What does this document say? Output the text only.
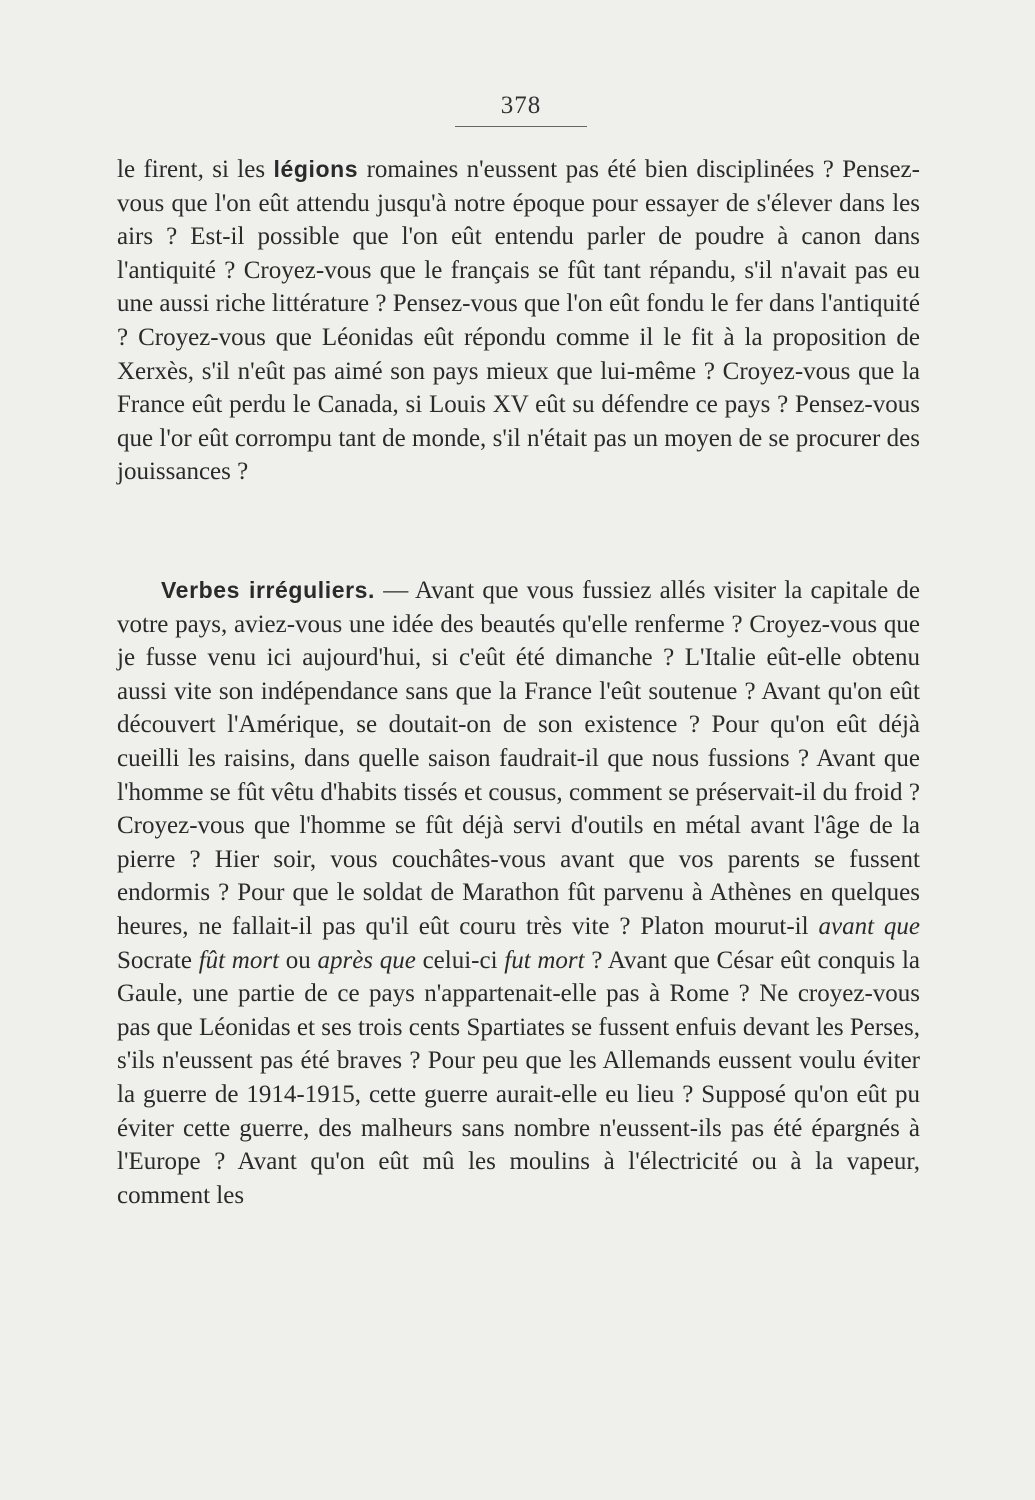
378

le firent, si les légions romaines n'eussent pas été bien disciplinées ? Pensez-vous que l'on eût attendu jusqu'à notre époque pour essayer de s'élever dans les airs ? Est-il possible que l'on eût entendu parler de poudre à canon dans l'antiquité ? Croyez-vous que le français se fût tant répandu, s'il n'avait pas eu une aussi riche littérature ? Pensez-vous que l'on eût fondu le fer dans l'antiquité ? Croyez-vous que Léonidas eût répondu comme il le fit à la proposition de Xerxès, s'il n'eût pas aimé son pays mieux que lui-même ? Croyez-vous que la France eût perdu le Canada, si Louis XV eût su défendre ce pays ? Pensez-vous que l'or eût corrompu tant de monde, s'il n'était pas un moyen de se procurer des jouissances ?

Verbes irréguliers. — Avant que vous fussiez allés visiter la capitale de votre pays, aviez-vous une idée des beautés qu'elle renferme ? Croyez-vous que je fusse venu ici aujourd'hui, si c'eût été dimanche ? L'Italie eût-elle obtenu aussi vite son indépendance sans que la France l'eût soutenue ? Avant qu'on eût découvert l'Amérique, se doutait-on de son existence ? Pour qu'on eût déjà cueilli les raisins, dans quelle saison faudrait-il que nous fussions ? Avant que l'homme se fût vêtu d'habits tissés et cousus, comment se préservait-il du froid ? Croyez-vous que l'homme se fût déjà servi d'outils en métal avant l'âge de la pierre ? Hier soir, vous couchâtes-vous avant que vos parents se fussent endormis ? Pour que le soldat de Marathon fût parvenu à Athènes en quelques heures, ne fallait-il pas qu'il eût couru très vite ? Platon mourut-il avant que Socrate fût mort ou après que celui-ci fut mort ? Avant que César eût conquis la Gaule, une partie de ce pays n'appartenait-elle pas à Rome ? Ne croyez-vous pas que Léonidas et ses trois cents Spartiates se fussent enfuis devant les Perses, s'ils n'eussent pas été braves ? Pour peu que les Allemands eussent voulu éviter la guerre de 1914-1915, cette guerre aurait-elle eu lieu ? Supposé qu'on eût pu éviter cette guerre, des malheurs sans nombre n'eussent-ils pas été épargnés à l'Europe ? Avant qu'on eût mû les moulins à l'électricité ou à la vapeur, comment les
